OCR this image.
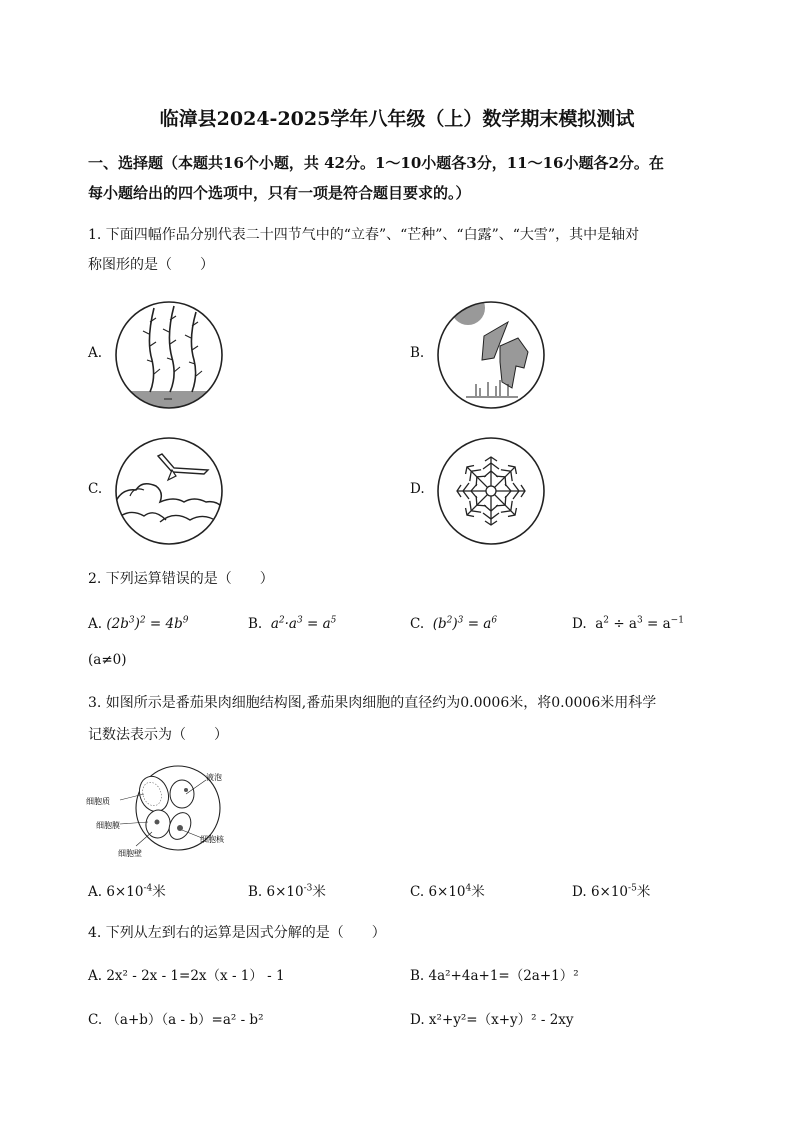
临漳县2024-2025学年八年级（上）数学期末模拟测试
一、选择题（本题共16个小题，共 42分。1～10小题各3分，11～16小题各2分。在
每小题给出的四个选项中，只有一项是符合题目要求的。）
1. 下面四幅作品分别代表二十四节气中的“立春”、“芒种”、“白露”、“大雪”，其中是轴对
称图形的是（　　）
A.	B.
C.	D.
2. 下列运算错误的是（　　）
A. $(2b^3)^2 = 4b^9$	B. $a^2\cdot a^3 = a^5$	C. $(b^2)^3 = a^6$	D. $a^2 \div a^3 = a^{-1}$
(a≠0)
3. 如图所示是番茄果肉细胞结构图,番茄果肉细胞的直径约为0.0006米，将0.0006米用科学
记数法表示为（　　）
细胞质
液泡
细胞膜
细胞核
细胞壁
A. $6\times 10^{-4}$米	B. $6\times 10^{-3}$米	C. $6\times 10^4$米	D. $6\times 10^{-5}$米
4. 下列从左到右的运算是因式分解的是（　　）
A. 2x² - 2x - 1=2x（x - 1） - 1	B. 4a²+4a+1=（2a+1）²
C. （a+b）（a - b）=a² - b²	D. x²+y²=（x+y）² - 2xy
